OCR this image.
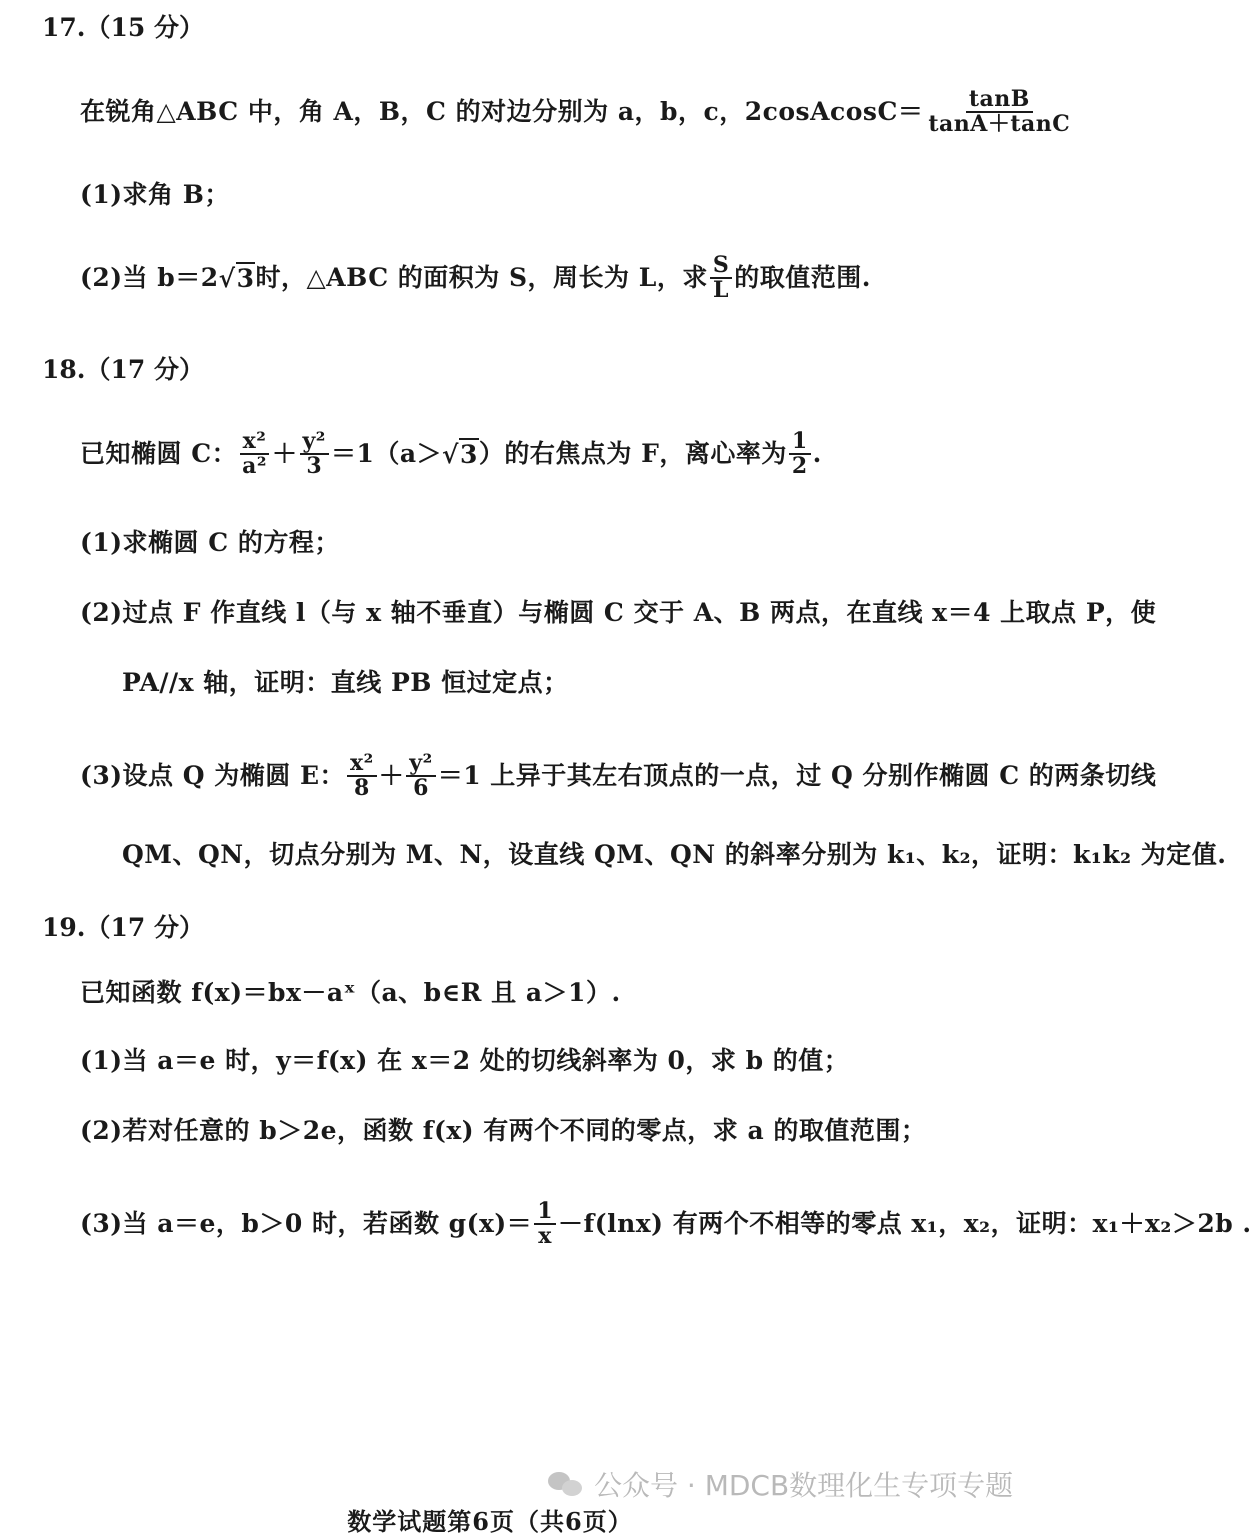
17.（15 分）
在锐角△ABC 中，角 A，B，C 的对边分别为 a，b，c，2cosAcosC＝ $\frac{\tan B}{\tan A+\tan C}$
(1)求角 B；
(2)当 b＝2 √ 3 时，△ABC 的面积为 S，周长为 L，求 $\frac{S}{L}$ 的取值范围.
18.（17 分）
已知椭圆 C： $\frac{\text{x²}}{\text{a²}} + \frac{\text{y²}}{3} =1(a>$ √ 3 ）的右焦点为 F，离心率为 $\frac{1}{2}$ .
(1)求椭圆 C 的方程；
(2)过点 F 作直线 l（与 x 轴不垂直）与椭圆 C 交于 A、B 两点，在直线 x＝4 上取点 P，使
PA//x 轴，证明：直线 PB 恒过定点；
(3)设点 Q 为椭圆 E： $\frac{\text{x²}}{8} + \frac{\text{y²}}{6} =1$ 上异于其左右顶点的一点，过 Q 分别作椭圆 C 的两条切线
QM、QN，切点分别为 M、N，设直线 QM、QN 的斜率分别为 k₁、k₂，证明：k₁k₂ 为定值.
19.（17 分）
已知函数 f(x)＝bx－aˣ（a、b∈R 且 a＞1）.
(1)当 a＝e 时，y＝f(x) 在 x＝2 处的切线斜率为 0，求 b 的值；
(2)若对任意的 b＞2e，函数 f(x) 有两个不同的零点，求 a 的取值范围；
(3)当 a＝e，b＞0 时，若函数 $g(x)= \frac{1}{x} -f(\ln x)$ 有两个不相等的零点 x₁，x₂，证明：x₁＋x₂＞2b .
公众号 · MDCB数理化生专项专题
数学试题第6页（共6页）
